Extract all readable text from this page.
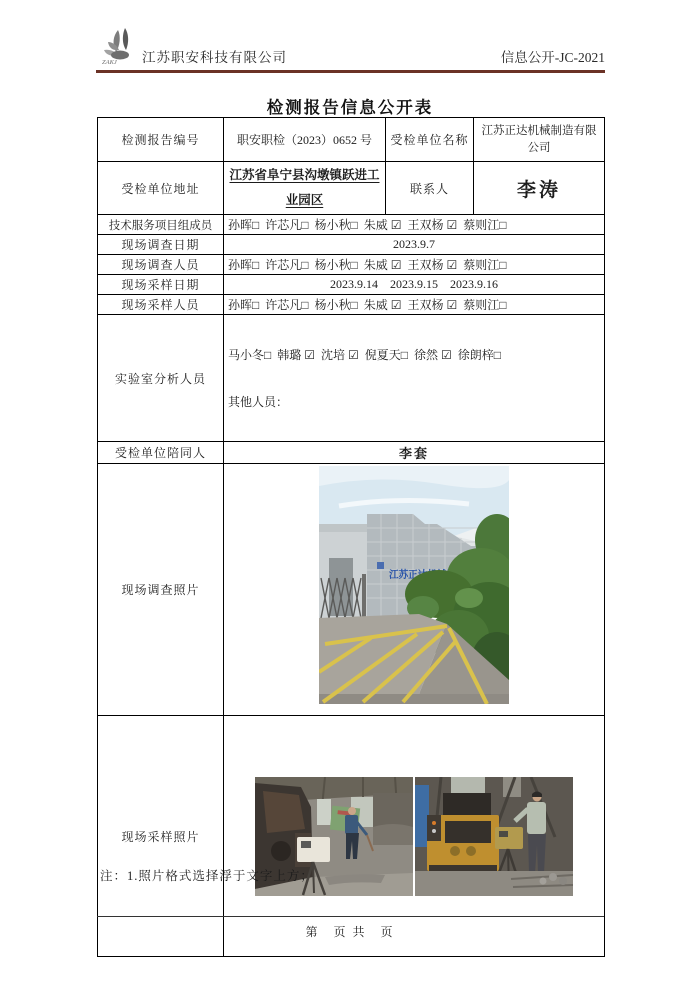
ZAKJ 江苏职安科技有限公司	信息公开-JC-2021
检测报告信息公开表
检测报告编号	职安职检（2023）0652 号	受检单位名称	江苏正达机械制造有限公司
受检单位地址	江苏省阜宁县沟墩镇跃进工业园区	联系人	李涛
技术服务项目组成员	孙晖□  许芯凡□  杨小秋□  朱威 ☑  王双杨 ☑  蔡则江□		
现场调查日期	2023.9.7		
现场调查人员	孙晖□  许芯凡□  杨小秋□  朱威 ☑  王双杨 ☑  蔡则江□		
现场采样日期	2023.9.14    2023.9.15    2023.9.16		
现场采样人员	孙晖□  许芯凡□  杨小秋□  朱威 ☑  王双杨 ☑  蔡则江□		
实验室分析人员	马小冬□  韩璐 ☑  沈培 ☑  倪夏天□  徐然 ☑  徐朗梓□

其他人员：		

受检单位陪同人	李套		
现场调查照片	

现场采样照片	
注：1.照片格式选择浮于文字上方；
第　页 共　页
